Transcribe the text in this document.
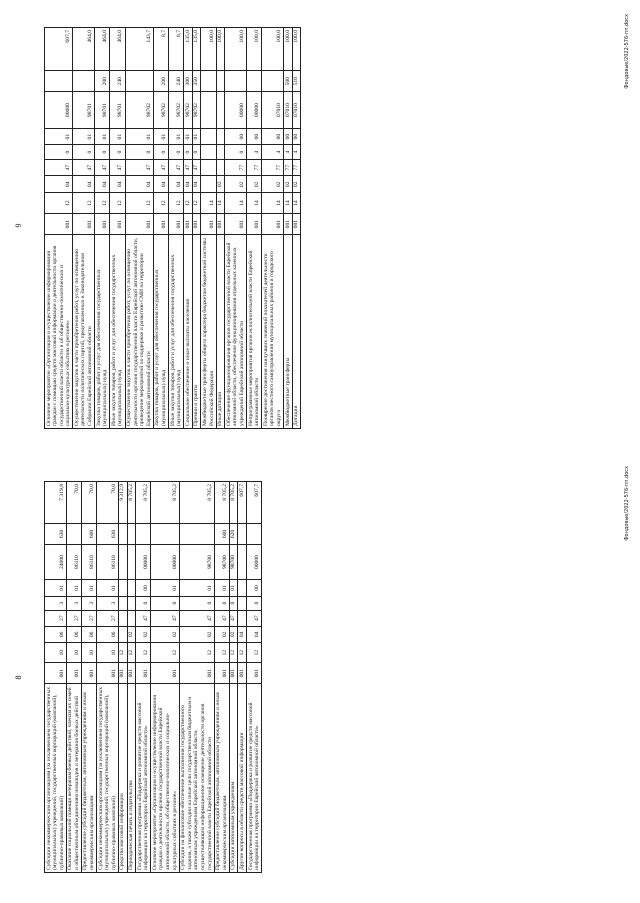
8
Субсидии некоммерческим организациям (за исключением государственных (муниципальных) учреждений, государственных корпораций (компаний), публично-правовых компаний)	001	10	06	27	3	01	24000	630	7 319,8
Оказание социальной помощи ветеранам боевых действий, членам их семей и общественным объединениям инвалидов и ветеранов боевых действий	001	10	06	27	3	01	86110		70,0
Предоставление субсидий бюджетным, автономным учреждениям и иным некоммерческим организациям	001	10	06	27	3	01	86110	600	70,0
Субсидии некоммерческим организациям (за исключением государственных (муниципальных) учреждений, государственных корпораций (компаний), публично-правовых компаний)	001	10	06	27	3	01	86110	630	70,0
Средства массовой информации	001	12							9 312,9
Периодическая печать и издательства	001	12	02						8 705,2
Государственная программа «Поддержка и развитие средств массовой информации на территории Еврейской автономной области»	001	12	02	47	0	00	00000		8 705,2
Основное мероприятие «Организация и осуществление информирования граждан о деятельности органов государственной власти Еврейской автономной области, об общественно-политических и социально-культурных событиях в регионе»	001	12	02	47	0	01	00000		8 705,2
Субсидии на финансовое обеспечение выполнения государственного задания, а также субсидии на иные цели государственным бюджетным и автономным учреждениям Еврейской автономной области, осуществляющим информационное освещение деятельности органов государственной власти Еврейской автономной области	001	12	02	47	0	01	98700		8 705,2
Предоставление субсидий бюджетным, автономным учреждениям и иным некоммерческим организациям	001	12	02	47	0	01	98700	600	8 705,2
Субсидии автономным учреждениям	001	12	02	47	0	01	98700	620	8 705,2
Другие вопросы в области средств массовой информации	001	12	04						607,7
Государственная программа «Поддержка и развитие средств массовой информации на территории Еврейской автономной области»	001	12	04	47	0	00	00000		607,7	Фондовые/2022-576-пп.docx
9
Основное мероприятие «Организация и осуществление информирования граждан с помощью средств массовой информации о деятельности органов государственной власти области и об общественно-политических и социально-культурных событиях в регионе»	001	12	04	47	0	01	00000		607,7
Осуществление закупок в части приобретения работ, услуг по освещению деятельности политических партий, представленных в Законодательном Собрании Еврейской автономной области	001	12	04	47	0	01	98701		464,0
Закупка товаров, работ и услуг для обеспечения государственных (муниципальных) нужд	001	12	04	47	0	01	98701	200	464,0
Иные закупки товаров, работ и услуг для обеспечения государственных (муниципальных) нужд	001	12	04	47	0	01	98701	240	464,0
Осуществление закупок в части приобретения работ, услуг по освещению деятельности органов государственной власти Еврейской автономной области, проведение мероприятий по поддержке и развитию СМИ на территории Еврейской автономной области	001	12	04	47	0	01	98702		143,7
Закупка товаров, работ и услуг для обеспечения государственных (муниципальных) нужд	001	12	04	47	0	01	98702	200	8,7
Иные закупки товаров, работ и услуг для обеспечения государственных (муниципальных) нужд	001	12	04	47	0	01	98702	240	8,7
Социальное обеспечение и иные выплаты населению	001	12	04	47	0	01	98702	300	135,0
Премии и гранты	001	12	04	47	0	01	98702	350	135,0
Межбюджетные трансферты общего характера бюджетам бюджетной системы Российской Федерации	001	14							100,0
Иные дотации	001	14	02						100,0
Обеспечение функционирования органов государственной власти Еврейской автономной области, обеспечение функционирования отдельных казенных учреждений Еврейской автономной области	001	14	02	77	0	00	00000		100,0
Непрограммные мероприятия органов исполнительной власти Еврейской автономной области	001	14	02	77	4	00	00000		100,0
Поощрение достижения наилучших значений показателей деятельности органов местного самоуправления муниципальных районов и городского округа	001	14	02	77	4	00	07010		100,0
Межбюджетные трансферты	001	14	02	77	4	00	07010	500	100,0
Дотации	001	14	02	77	4	00	07010	510	100,0	Фондовые/2022-576-пп.docx
